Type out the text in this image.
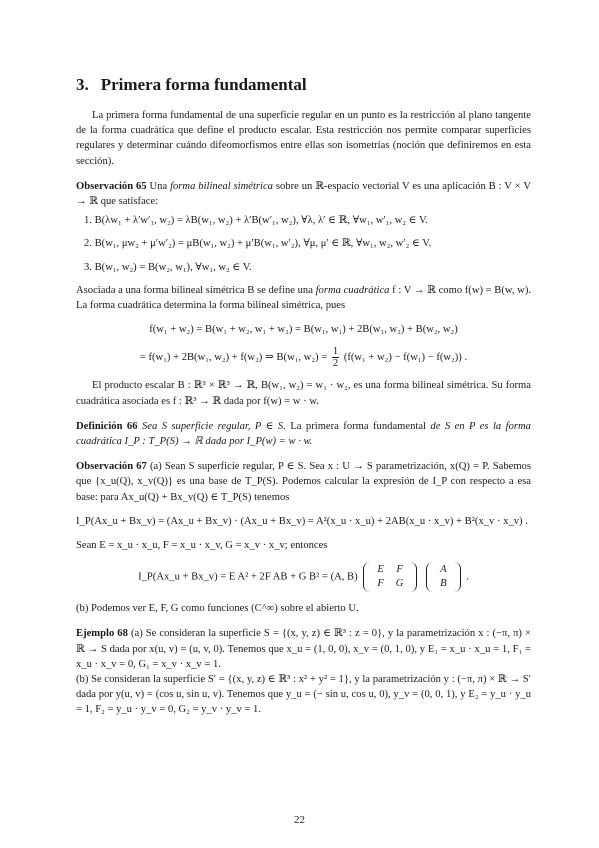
3. Primera forma fundamental

La primera forma fundamental de una superficie regular en un punto es la restricción al plano tangente de la forma cuadrática que define el producto escalar. Esta restricción nos permite comparar superficies regulares y determinar cuándo difeomorfismos entre ellas son isometrías (noción que definiremos en esta sección).

Observación 65 Una forma bilineal simétrica sobre un ℝ-espacio vectorial V es una aplicación B : V × V → ℝ que satisface:

1. B(λw₁ + λ′w′₁, w₂) = λB(w₁, w₂) + λ′B(w′₁, w₂), ∀λ, λ′ ∈ ℝ, ∀w₁, w′₁, w₂ ∈ V.
2. B(w₁, μw₂ + μ′w′₂) = μB(w₁, w₂) + μ′B(w₁, w′₂), ∀μ, μ′ ∈ ℝ, ∀w₁, w₂, w′₂ ∈ V.
3. B(w₁, w₂) = B(w₂, w₁), ∀w₁, w₂ ∈ V.

Asociada a una forma bilineal simétrica B se define una forma cuadrática f : V → ℝ como f(w) = B(w, w). La forma cuadrática determina la forma bilineal simétrica, pues

f(w₁ + w₂) = B(w₁ + w₂, w₁ + w₂) = B(w₁, w₁) + 2B(w₁, w₂) + B(w₂, w₂)
= f(w₁) + 2B(w₁, w₂) + f(w₂) ⇒ B(w₁, $w_2) = \frac{1}{2} (f(w_1 + w_2) - f(w_1) - f(w_2))$ .

El producto escalar B : ℝ³ × ℝ³ → ℝ, B(w₁, w₂) = w₁ · w₂, es una forma bilineal simétrica. Su forma cuadrática asociada es f : ℝ³ → ℝ dada por f(w) = w · w.

Definición 66 Sea S superficie regular, P ∈ S. La primera forma fundamental de S en P es la forma cuadrática I_P : T_P(S) → ℝ dada por I_P(w) = w · w.

Observación 67 (a) Sean S superficie regular, P ∈ S. Sea x : U → S parametrización, x(Q) = P. Sabemos que {x_u(Q), x_v(Q)} es una base de T_P(S). Podemos calcular la expresión de I_P con respecto a esa base: para Ax_u(Q) + Bx_v(Q) ∈ T_P(S) tenemos

I_P(Ax_u + Bx_v) = (Ax_u + Bx_v) · (Ax_u + Bx_v) = A²(x_u · x_u) + 2AB(x_u · x_v) + B²(x_v · x_v) .

Sean E = x_u · x_u, F = x_u · x_v, G = x_v · x_v; entonces

I_P(Ax_u + Bx_v) = E A² + 2F AB + G B² = (A, B)
E	F
F	G

A
B
.

(b) Podemos ver E, F, G como funciones (C^∞) sobre el abierto U.

Ejemplo 68 (a) Se consideran la superficie S = {(x, y, z) ∈ ℝ³ : z = 0}, y la parametrización x : (−π, π) × ℝ → S dada por x(u, v) = (u, v, 0). Tenemos que x_u = (1, 0, 0), x_v = (0, 1, 0), y E₁ = x_u · x_u = 1, F₁ = x_u · x_v = 0, G₁ = x_v · x_v = 1.

(b) Se consideran la superficie S′ = {(x, y, z) ∈ ℝ³ : x² + y² = 1}, y la parametrización y : (−π, π) × ℝ → S′ dada por y(u, v) = (cos u, sin u, v). Tenemos que y_u = (− sin u, cos u, 0), y_v = (0, 0, 1), y E₂ = y_u · y_u = 1, F₂ = y_u · y_v = 0, G₂ = y_v · y_v = 1.

22
